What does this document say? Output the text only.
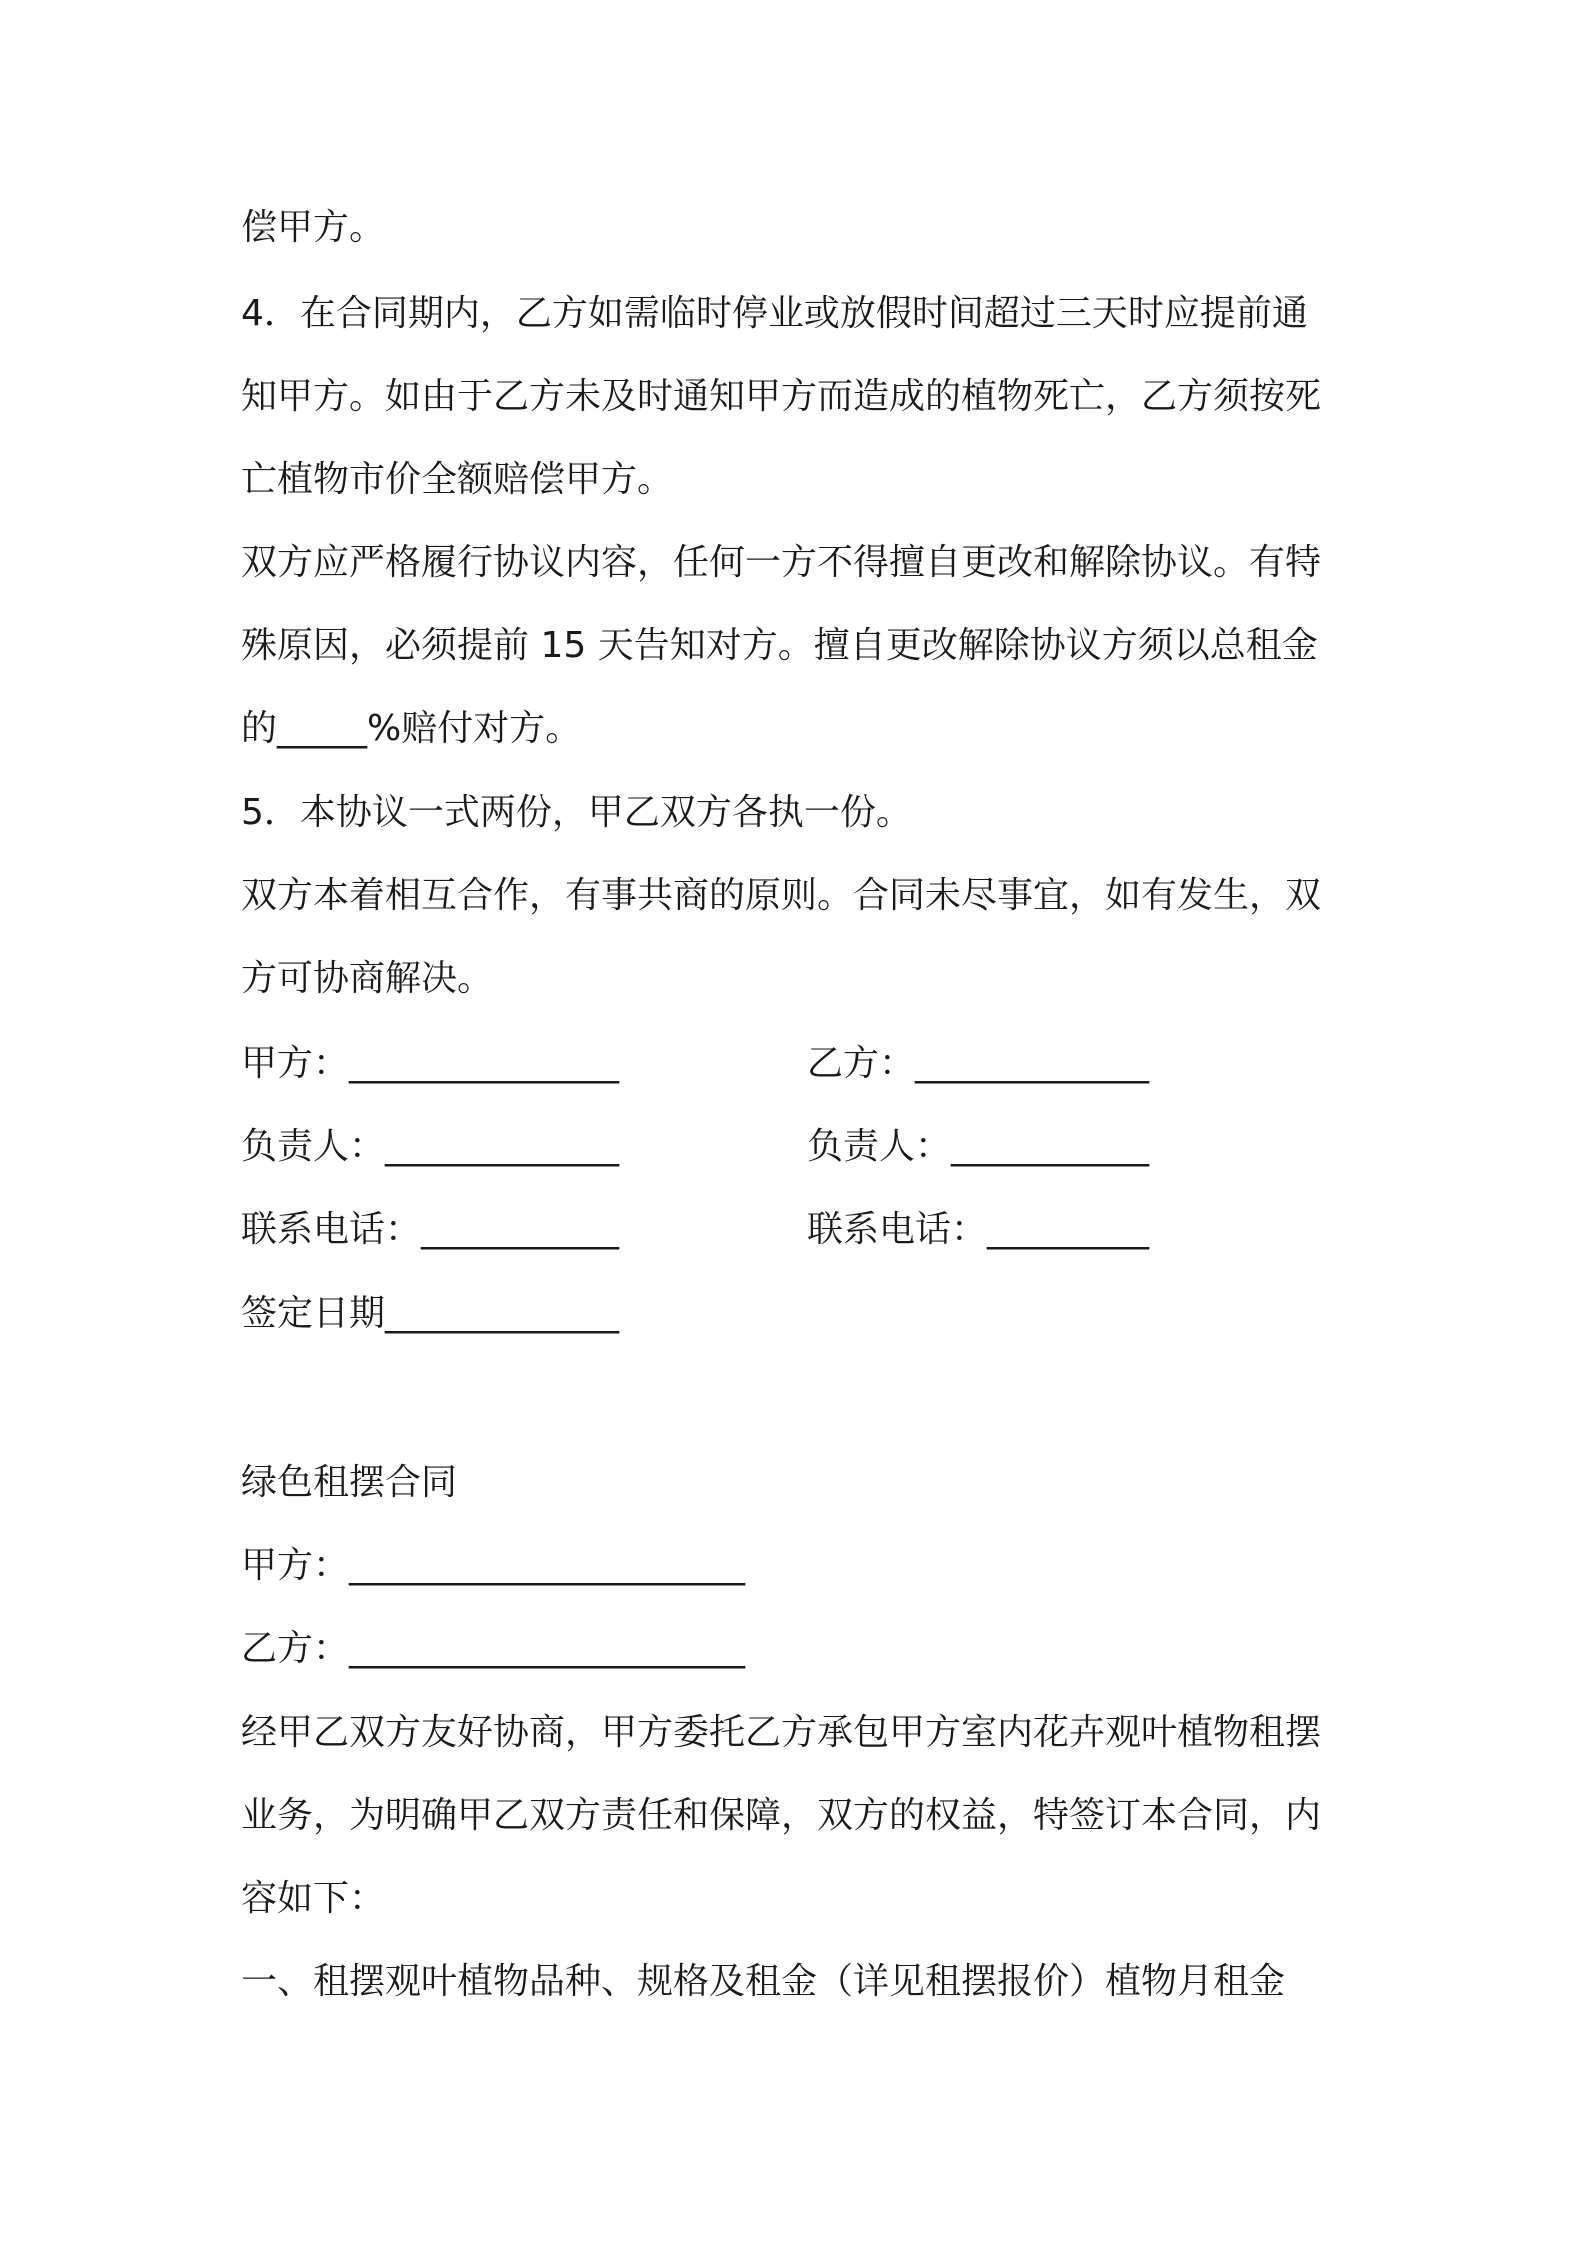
偿甲方。
4．在合同期内，乙方如需临时停业或放假时间超过三天时应提前通
知甲方。如由于乙方未及时通知甲方而造成的植物死亡，乙方须按死
亡植物市价全额赔偿甲方。
双方应严格履行协议内容，任何一方不得擅自更改和解除协议。有特
殊原因，必须提前 15 天告知对方。擅自更改解除协议方须以总租金
的_____%赔付对方。
5．本协议一式两份，甲乙双方各执一份。
双方本着相互合作，有事共商的原则。合同未尽事宜，如有发生，双
方可协商解决。
甲方：_______________	乙方：_____________
负责人：_____________	负责人：___________
联系电话：___________	联系电话：_________
签定日期_____________
绿色租摆合同
甲方：______________________
乙方：______________________
经甲乙双方友好协商，甲方委托乙方承包甲方室内花卉观叶植物租摆
业务，为明确甲乙双方责任和保障，双方的权益，特签订本合同，内
容如下：
一、租摆观叶植物品种、规格及租金（详见租摆报价）植物月租金
